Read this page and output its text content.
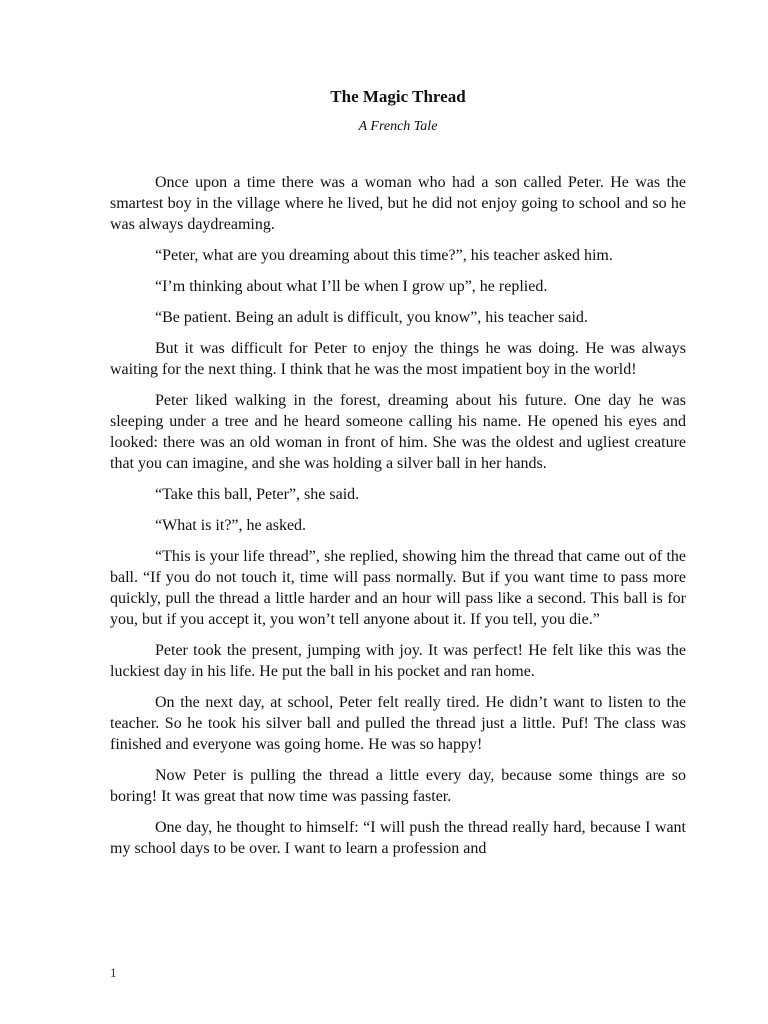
The Magic Thread
A French Tale

Once upon a time there was a woman who had a son called Peter. He was the smartest boy in the village where he lived, but he did not enjoy going to school and so he was always daydreaming.

“Peter, what are you dreaming about this time?”, his teacher asked him.

“I’m thinking about what I’ll be when I grow up”, he replied.

“Be patient. Being an adult is difficult, you know”, his teacher said.

But it was difficult for Peter to enjoy the things he was doing. He was always waiting for the next thing. I think that he was the most impatient boy in the world!

Peter liked walking in the forest, dreaming about his future. One day he was sleeping under a tree and he heard someone calling his name. He opened his eyes and looked: there was an old woman in front of him. She was the oldest and ugliest creature that you can imagine, and she was holding a silver ball in her hands.

“Take this ball, Peter”, she said.

“What is it?”, he asked.

“This is your life thread”, she replied, showing him the thread that came out of the ball. “If you do not touch it, time will pass normally. But if you want time to pass more quickly, pull the thread a little harder and an hour will pass like a second. This ball is for you, but if you accept it, you won’t tell anyone about it. If you tell, you die.”

Peter took the present, jumping with joy. It was perfect! He felt like this was the luckiest day in his life. He put the ball in his pocket and ran home.

On the next day, at school, Peter felt really tired. He didn’t want to listen to the teacher. So he took his silver ball and pulled the thread just a little. Puf! The class was finished and everyone was going home. He was so happy!

Now Peter is pulling the thread a little every day, because some things are so boring! It was great that now time was passing faster.

One day, he thought to himself: “I will push the thread really hard, because I want my school days to be over. I want to learn a profession and

1
